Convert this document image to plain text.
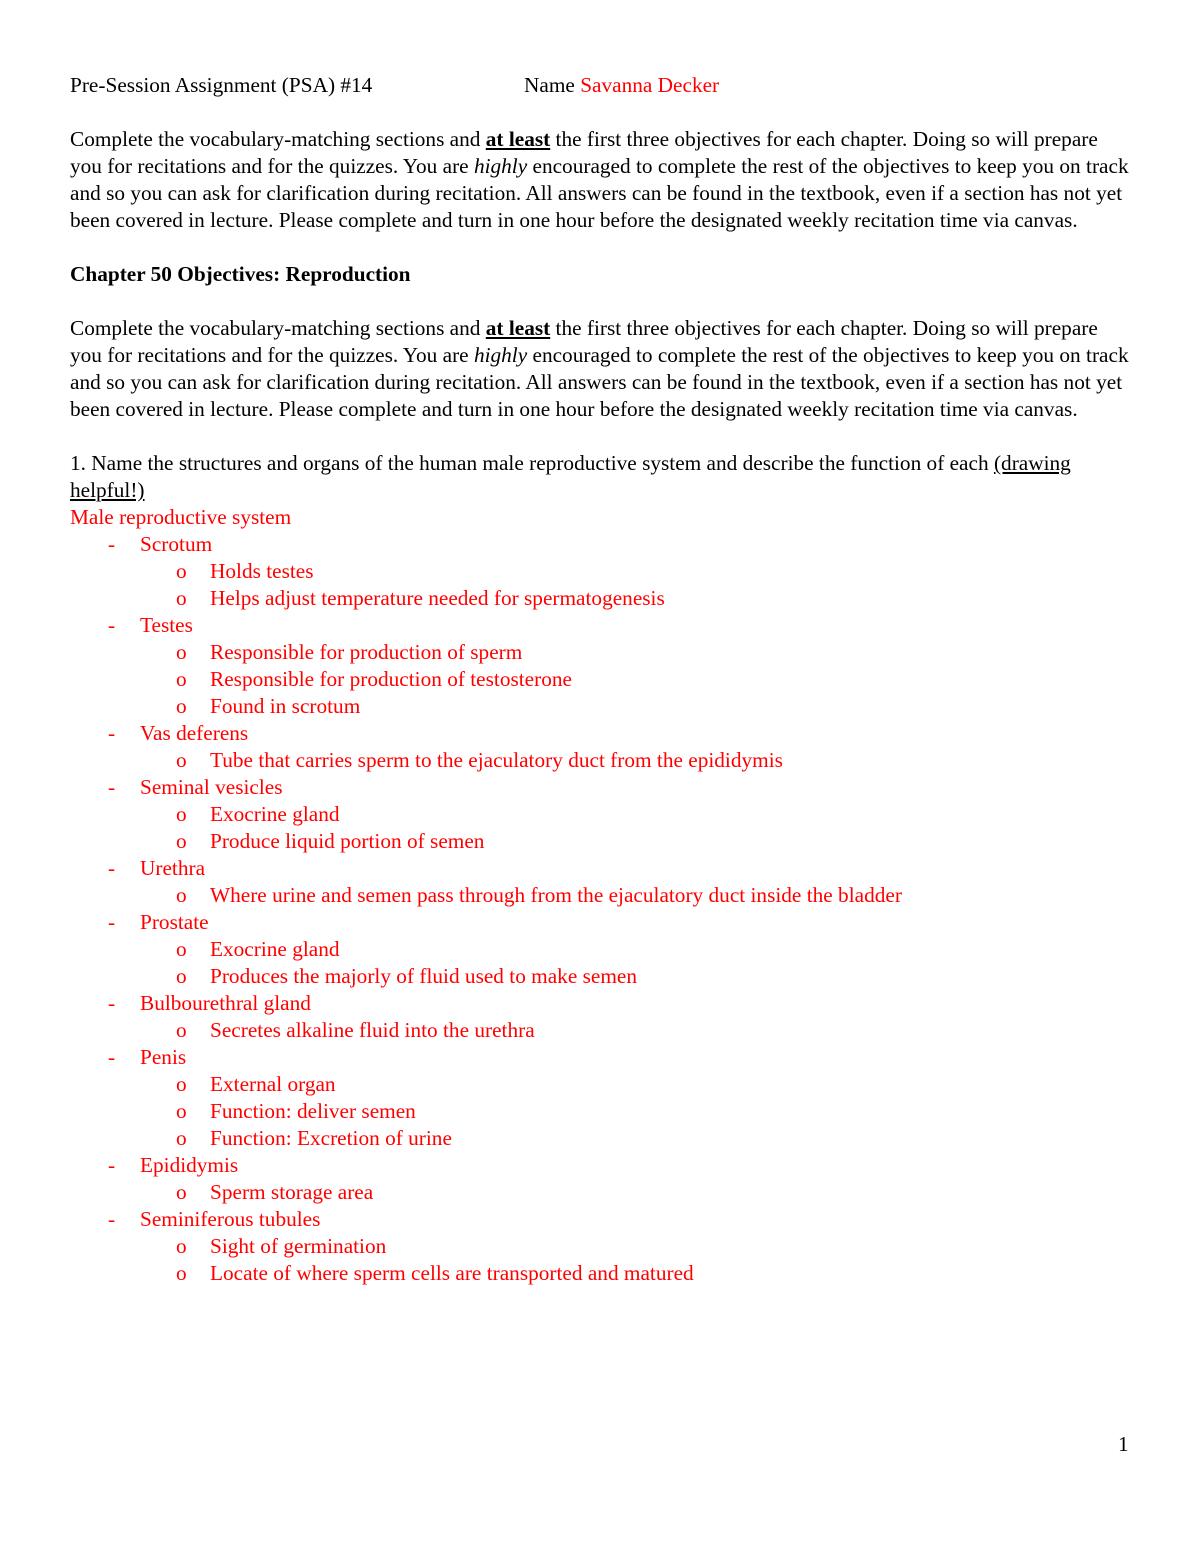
Pre-Session Assignment (PSA) #14	Name Savanna Decker

Complete the vocabulary-matching sections and at least the first three objectives for each chapter. Doing so will prepare you for recitations and for the quizzes. You are highly encouraged to complete the rest of the objectives to keep you on track and so you can ask for clarification during recitation. All answers can be found in the textbook, even if a section has not yet been covered in lecture. Please complete and turn in one hour before the designated weekly recitation time via canvas.

Chapter 50 Objectives: Reproduction

Complete the vocabulary-matching sections and at least the first three objectives for each chapter. Doing so will prepare you for recitations and for the quizzes. You are highly encouraged to complete the rest of the objectives to keep you on track and so you can ask for clarification during recitation. All answers can be found in the textbook, even if a section has not yet been covered in lecture. Please complete and turn in one hour before the designated weekly recitation time via canvas.

1. Name the structures and organs of the human male reproductive system and describe the function of each (drawing helpful!)

Male reproductive system

- Scrotum
o Holds testes
o Helps adjust temperature needed for spermatogenesis
- Testes
o Responsible for production of sperm
o Responsible for production of testosterone
o Found in scrotum
- Vas deferens
o Tube that carries sperm to the ejaculatory duct from the epididymis
- Seminal vesicles
o Exocrine gland
o Produce liquid portion of semen
- Urethra
o Where urine and semen pass through from the ejaculatory duct inside the bladder
- Prostate
o Exocrine gland
o Produces the majorly of fluid used to make semen
- Bulbourethral gland
o Secretes alkaline fluid into the urethra
- Penis
o External organ
o Function: deliver semen
o Function: Excretion of urine
- Epididymis
o Sperm storage area
- Seminiferous tubules
o Sight of germination
o Locate of where sperm cells are transported and matured
1
